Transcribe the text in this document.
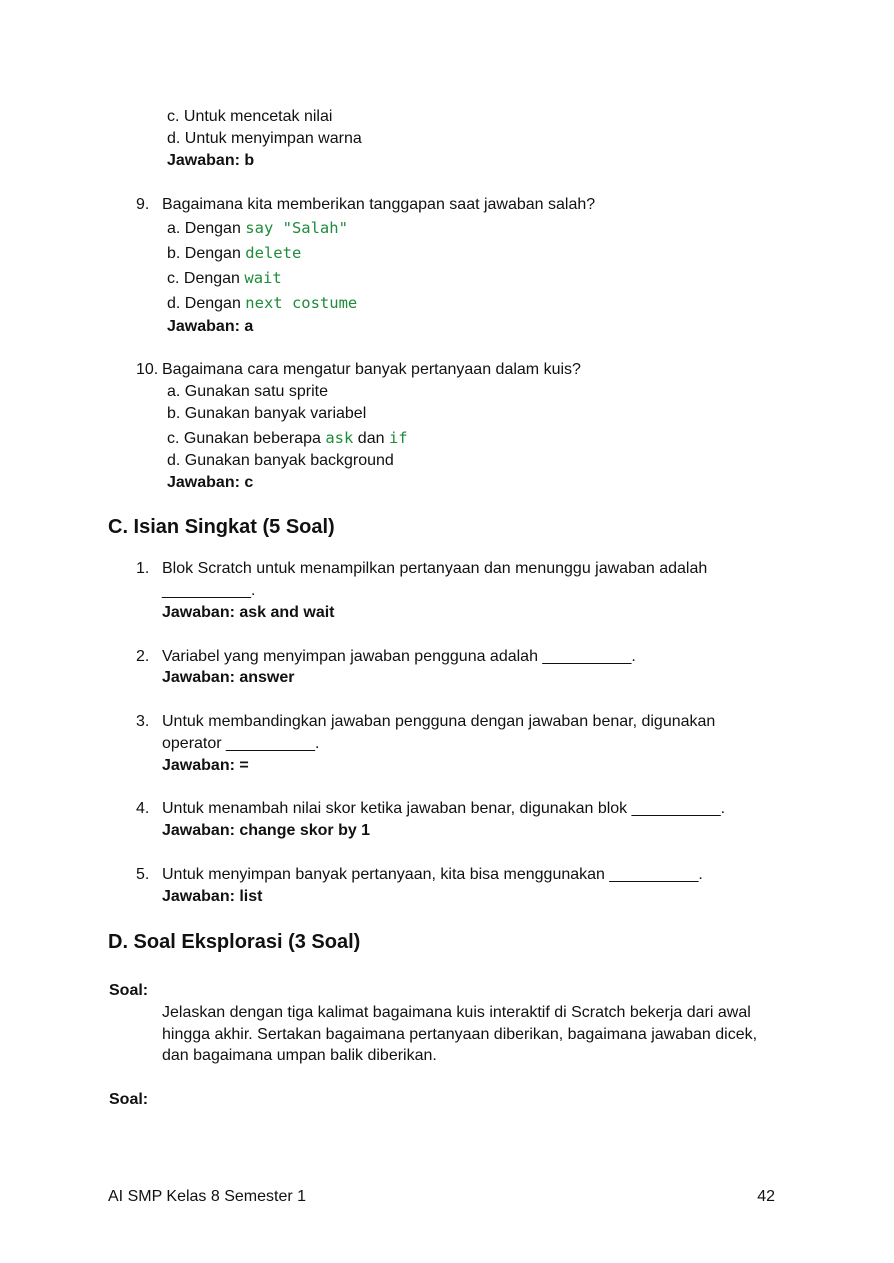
c. Untuk mencetak nilai
d. Untuk menyimpan warna
Jawaban: b
9. Bagaimana kita memberikan tanggapan saat jawaban salah?
a. Dengan say "Salah"
b. Dengan delete
c. Dengan wait
d. Dengan next costume
Jawaban: a
10. Bagaimana cara mengatur banyak pertanyaan dalam kuis?
a. Gunakan satu sprite
b. Gunakan banyak variabel
c. Gunakan beberapa ask dan if
d. Gunakan banyak background
Jawaban: c
C. Isian Singkat (5 Soal)
1. Blok Scratch untuk menampilkan pertanyaan dan menunggu jawaban adalah
__________.
Jawaban: ask and wait
2. Variabel yang menyimpan jawaban pengguna adalah __________.
Jawaban: answer
3. Untuk membandingkan jawaban pengguna dengan jawaban benar, digunakan
operator __________.
Jawaban: =
4. Untuk menambah nilai skor ketika jawaban benar, digunakan blok __________.
Jawaban: change skor by 1
5. Untuk menyimpan banyak pertanyaan, kita bisa menggunakan __________.
Jawaban: list
D. Soal Eksplorasi (3 Soal)
Soal:
Jelaskan dengan tiga kalimat bagaimana kuis interaktif di Scratch bekerja dari awal
hingga akhir. Sertakan bagaimana pertanyaan diberikan, bagaimana jawaban dicek,
dan bagaimana umpan balik diberikan.
Soal:
AI SMP Kelas 8 Semester 1	42
